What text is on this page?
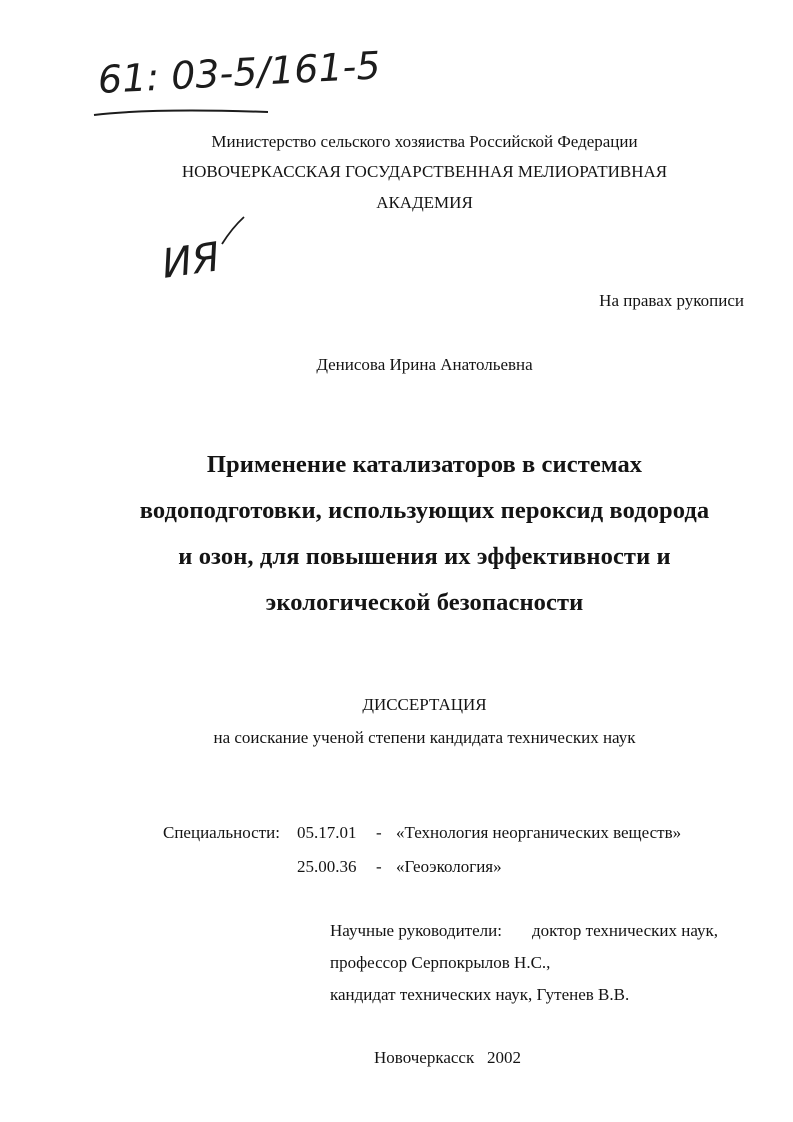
61: 03-5/161-5

Министерство сельского хозяиства Российской Федерации

НОВОЧЕРКАССКАЯ ГОСУДАРСТВЕННАЯ МЕЛИОРАТИВНАЯ

АКАДЕМИЯ

ИЯ

На правах рукописи

Денисова Ирина Анатольевна

Применение катализаторов в системах

водоподготовки, использующих пероксид водорода

и озон, для повышения их эффективности и

экологической безопасности

ДИССЕРТАЦИЯ

на соискание ученой степени кандидата технических наук

Специальности: 05.17.01 - «Технология неорганических веществ»

25.00.36 - «Геоэкология»

Научные руководители: доктор технических наук,

профессор Серпокрылов Н.С.,

кандидат технических наук, Гутенев В.В.

Новочеркасск   2002
